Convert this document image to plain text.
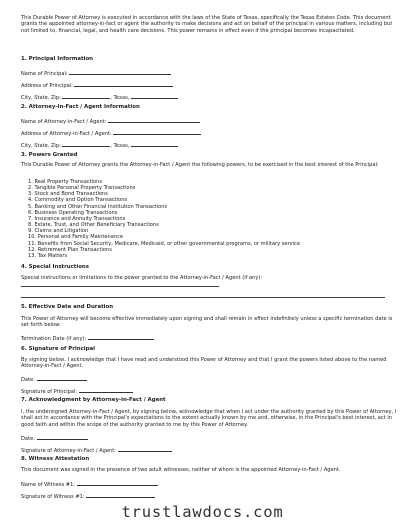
This Durable Power of Attorney is executed in accordance with the laws of the State of Texas, specifically the Texas Estates Code. This document grants the appointed attorney-in-fact or agent the authority to make decisions and act on behalf of the principal in various matters, including but not limited to, financial, legal, and health care decisions. This power remains in effect even if the principal becomes incapacitated.
1. Principal Information
Name of Principal:
Address of Principal:
City, State, Zip:	, Texas,
2. Attorney-in-Fact / Agent Information
Name of Attorney-in-Fact / Agent:
Address of Attorney-in-Fact / Agent:
City, State, Zip:	, Texas,
3. Powers Granted
This Durable Power of Attorney grants the Attorney-in-Fact / Agent the following powers, to be exercised in the best interest of the Principal:
1. Real Property Transactions
2. Tangible Personal Property Transactions
3. Stock and Bond Transactions
4. Commodity and Option Transactions
5. Banking and Other Financial Institution Transactions
6. Business Operating Transactions
7. Insurance and Annuity Transactions
8. Estate, Trust, and Other Beneficiary Transactions
9. Claims and Litigation
10. Personal and Family Maintenance
11. Benefits from Social Security, Medicare, Medicaid, or other governmental programs, or military service
12. Retirement Plan Transactions
13. Tax Matters
4. Special Instructions
Special instructions or limitations to the power granted to the Attorney-in-Fact / Agent (if any):
5. Effective Date and Duration
This Power of Attorney will become effective immediately upon signing and shall remain in effect indefinitely unless a specific termination date is set forth below:
Termination Date (if any):
6. Signature of Principal
By signing below, I acknowledge that I have read and understood this Power of Attorney and that I grant the powers listed above to the named Attorney-in-Fact / Agent.
Date:
Signature of Principal:
7. Acknowledgment by Attorney-in-Fact / Agent
I, the undersigned Attorney-in-Fact / Agent, by signing below, acknowledge that when I act under the authority granted by this Power of Attorney, I shall act in accordance with the Principal's expectations to the extent actually known by me and, otherwise, in the Principal's best interest, act in good faith and within the scope of the authority granted to me by this Power of Attorney.
Date:
Signature of Attorney-in-Fact / Agent:
8. Witness Attestation
This document was signed in the presence of two adult witnesses, neither of whom is the appointed Attorney-in-Fact / Agent.
Name of Witness #1:
Signature of Witness #1:
trustlawdocs.com
